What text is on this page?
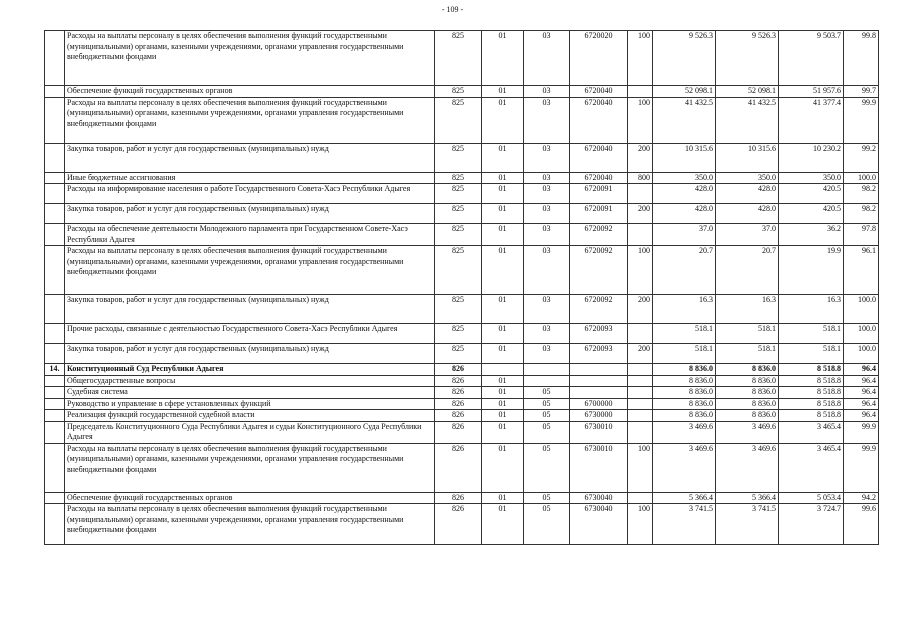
- 109 -
	Расходы на выплаты персоналу в целях обеспечения выполнения функций государственными (муниципальными) органами, казенными учреждениями, органами управления государственными внебюджетными фондами	825	01	03	6720020	100	9 526.3	9 526.3	9 503.7	99.8
	Обеспечение функций государственных органов	825	01	03	6720040		52 098.1	52 098.1	51 957.6	99.7
	Расходы на выплаты персоналу в целях обеспечения выполнения функций государственными (муниципальными) органами, казенными учреждениями, органами управления государственными внебюджетными фондами	825	01	03	6720040	100	41 432.5	41 432.5	41 377.4	99.9
	Закупка товаров, работ и услуг для государственных (муниципальных) нужд	825	01	03	6720040	200	10 315.6	10 315.6	10 230.2	99.2
	Иные бюджетные ассигнования	825	01	03	6720040	800	350.0	350.0	350.0	100.0
	Расходы на информирование населения о работе Государственного Совета-Хасэ Республики Адыгея	825	01	03	6720091		428.0	428.0	420.5	98.2
	Закупка товаров, работ и услуг для государственных (муниципальных) нужд	825	01	03	6720091	200	428.0	428.0	420.5	98.2
	Расходы на обеспечение деятельности Молодежного парламента при Государственном Совете-Хасэ Республики Адыгея	825	01	03	6720092		37.0	37.0	36.2	97.8
	Расходы на выплаты персоналу в целях обеспечения выполнения функций государственными (муниципальными) органами, казенными учреждениями, органами управления государственными внебюджетными фондами	825	01	03	6720092	100	20.7	20.7	19.9	96.1
	Закупка товаров, работ и услуг для государственных (муниципальных) нужд	825	01	03	6720092	200	16.3	16.3	16.3	100.0
	Прочие расходы, связанные с деятельностью Государственного Совета-Хасэ Республики Адыгея	825	01	03	6720093		518.1	518.1	518.1	100.0
	Закупка товаров, работ и услуг для государственных (муниципальных) нужд	825	01	03	6720093	200	518.1	518.1	518.1	100.0
14.	Конституционный Суд Республики Адыгея	826					8 836.0	8 836.0	8 518.8	96.4
	Общегосударственные вопросы	826	01				8 836.0	8 836.0	8 518.8	96.4
	Судебная система	826	01	05			8 836.0	8 836.0	8 518.8	96.4
	Руководство и управление в сфере установленных функций	826	01	05	6700000		8 836.0	8 836.0	8 518.8	96.4
	Реализация функций государственной судебной власти	826	01	05	6730000		8 836.0	8 836.0	8 518.8	96.4
	Председатель Конституционного Суда Республики Адыгея и судьи Конституционного Суда Республики Адыгея	826	01	05	6730010		3 469.6	3 469.6	3 465.4	99.9
	Расходы на выплаты персоналу в целях обеспечения выполнения функций государственными (муниципальными) органами, казенными учреждениями, органами управления государственными внебюджетными фондами	826	01	05	6730010	100	3 469.6	3 469.6	3 465.4	99.9
	Обеспечение функций государственных органов	826	01	05	6730040		5 366.4	5 366.4	5 053.4	94.2
	Расходы на выплаты персоналу в целях обеспечения выполнения функций государственными (муниципальными) органами, казенными учреждениями, органами управления государственными внебюджетными фондами	826	01	05	6730040	100	3 741.5	3 741.5	3 724.7	99.6
